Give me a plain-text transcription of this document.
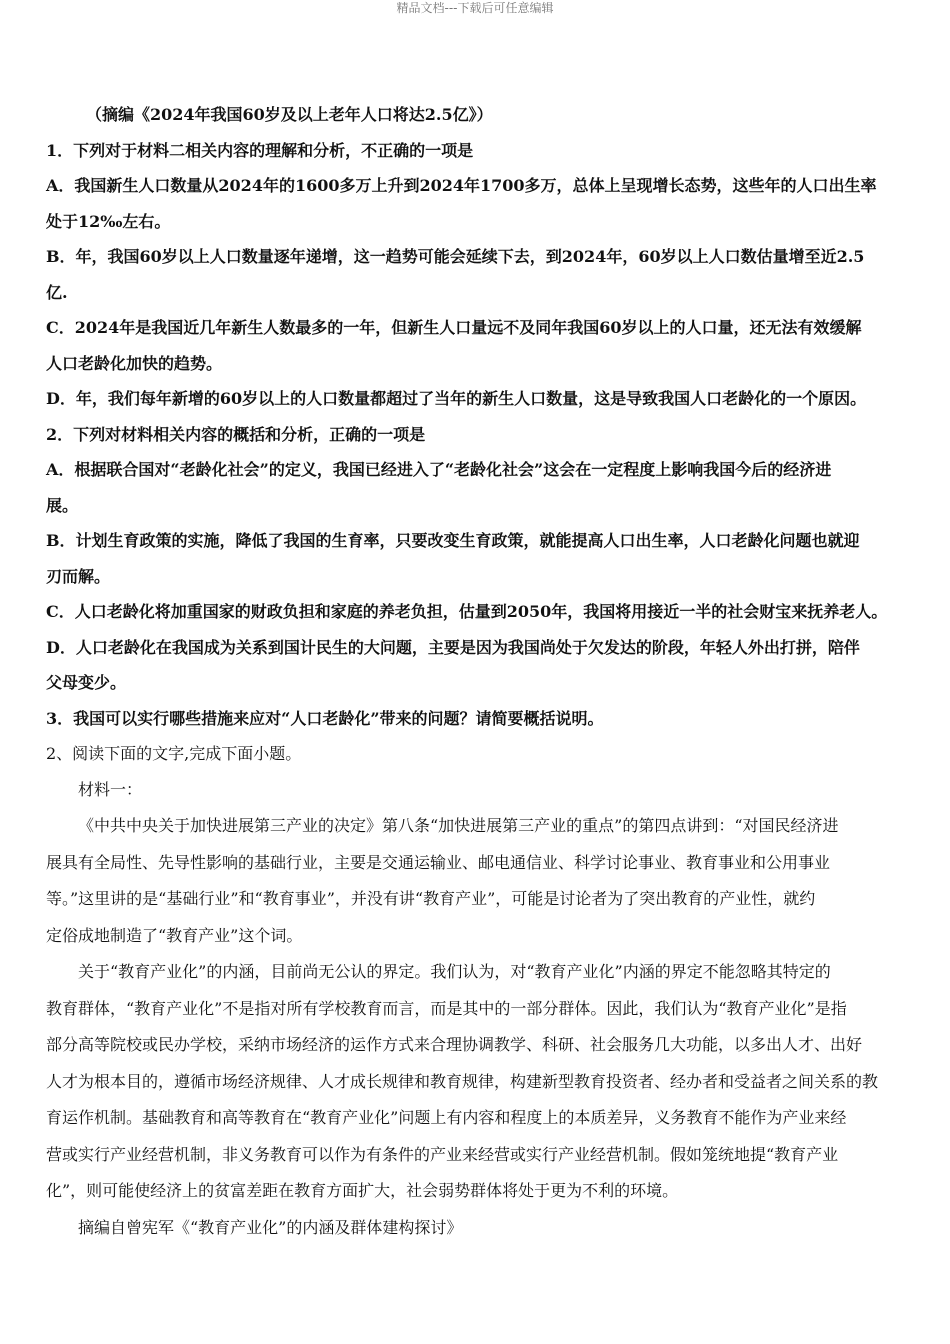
精品文档---下载后可任意编辑
（摘编《2024年我国60岁及以上老年人口将达2.5亿》）
1．下列对于材料二相关内容的理解和分析，不正确的一项是
A．我国新生人口数量从2024年的1600多万上升到2024年1700多万，总体上呈现增长态势，这些年的人口出生率
处于12‰左右。
B．年，我国60岁以上人口数量逐年递增，这一趋势可能会延续下去，到2024年，60岁以上人口数估量增至近2.5
亿.
C．2024年是我国近几年新生人数最多的一年，但新生人口量远不及同年我国60岁以上的人口量，还无法有效缓解
人口老龄化加快的趋势。
D．年，我们每年新增的60岁以上的人口数量都超过了当年的新生人口数量，这是导致我国人口老龄化的一个原因。
2．下列对材料相关内容的概括和分析，正确的一项是
A．根据联合国对“老龄化社会”的定义，我国已经进入了“老龄化社会”这会在一定程度上影响我国今后的经济进
展。
B．计划生育政策的实施，降低了我国的生育率，只要改变生育政策，就能提高人口出生率，人口老龄化问题也就迎
刃而解。
C．人口老龄化将加重国家的财政负担和家庭的养老负担，估量到2050年，我国将用接近一半的社会财宝来抚养老人。
D．人口老龄化在我国成为关系到国计民生的大问题，主要是因为我国尚处于欠发达的阶段，年轻人外出打拼，陪伴
父母变少。
3．我国可以实行哪些措施来应对“人口老龄化”带来的问题？请简要概括说明。
2、阅读下面的文字,完成下面小题。
材料一：
《中共中央关于加快进展第三产业的决定》第八条“加快进展第三产业的重点”的第四点讲到：“对国民经济进
展具有全局性、先导性影响的基础行业，主要是交通运输业、邮电通信业、科学讨论事业、教育事业和公用事业
等。”这里讲的是“基础行业”和“教育事业”，并没有讲“教育产业”，可能是讨论者为了突出教育的产业性，就约
定俗成地制造了“教育产业”这个词。
关于“教育产业化”的内涵，目前尚无公认的界定。我们认为，对“教育产业化”内涵的界定不能忽略其特定的
教育群体，“教育产业化”不是指对所有学校教育而言，而是其中的一部分群体。因此，我们认为“教育产业化”是指
部分高等院校或民办学校，采纳市场经济的运作方式来合理协调教学、科研、社会服务几大功能，以多出人才、出好
人才为根本目的，遵循市场经济规律、人才成长规律和教育规律，构建新型教育投资者、经办者和受益者之间关系的教
育运作机制。基础教育和高等教育在“教育产业化”问题上有内容和程度上的本质差异，义务教育不能作为产业来经
营或实行产业经营机制，非义务教育可以作为有条件的产业来经营或实行产业经营机制。假如笼统地提“教育产业
化”，则可能使经济上的贫富差距在教育方面扩大，社会弱势群体将处于更为不利的环境。
摘编自曾宪军《“教育产业化”的内涵及群体建构探讨》
